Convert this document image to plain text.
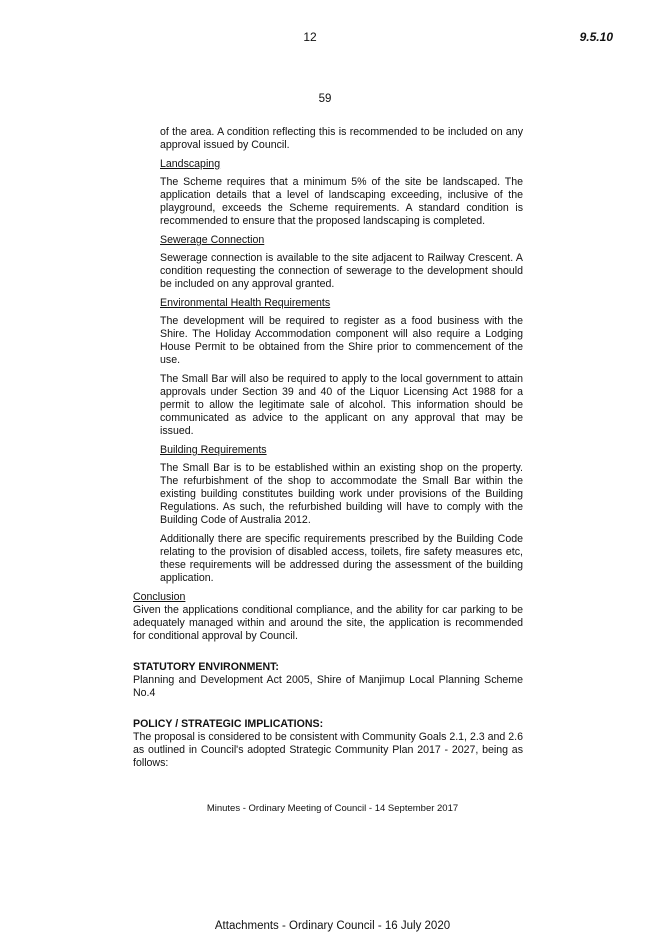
12	9.5.10
59

of the area. A condition reflecting this is recommended to be included on any approval issued by Council.

Landscaping

The Scheme requires that a minimum 5% of the site be landscaped. The application details that a level of landscaping exceeding, inclusive of the playground, exceeds the Scheme requirements. A standard condition is recommended to ensure that the proposed landscaping is completed.

Sewerage Connection

Sewerage connection is available to the site adjacent to Railway Crescent. A condition requesting the connection of sewerage to the development should be included on any approval granted.

Environmental Health Requirements

The development will be required to register as a food business with the Shire. The Holiday Accommodation component will also require a Lodging House Permit to be obtained from the Shire prior to commencement of the use.

The Small Bar will also be required to apply to the local government to attain approvals under Section 39 and 40 of the Liquor Licensing Act 1988 for a permit to allow the legitimate sale of alcohol. This information should be communicated as advice to the applicant on any approval that may be issued.

Building Requirements

The Small Bar is to be established within an existing shop on the property. The refurbishment of the shop to accommodate the Small Bar within the existing building constitutes building work under provisions of the Building Regulations. As such, the refurbished building will have to comply with the Building Code of Australia 2012.

Additionally there are specific requirements prescribed by the Building Code relating to the provision of disabled access, toilets, fire safety measures etc, these requirements will be addressed during the assessment of the building application.

Conclusion

Given the applications conditional compliance, and the ability for car parking to be adequately managed within and around the site, the application is recommended for conditional approval by Council.

STATUTORY ENVIRONMENT:

Planning and Development Act 2005, Shire of Manjimup Local Planning Scheme No.4

POLICY / STRATEGIC IMPLICATIONS:

The proposal is considered to be consistent with Community Goals 2.1, 2.3 and 2.6 as outlined in Council's adopted Strategic Community Plan 2017 - 2027, being as follows:

Minutes - Ordinary Meeting of Council - 14 September 2017
Attachments - Ordinary Council - 16 July 2020
